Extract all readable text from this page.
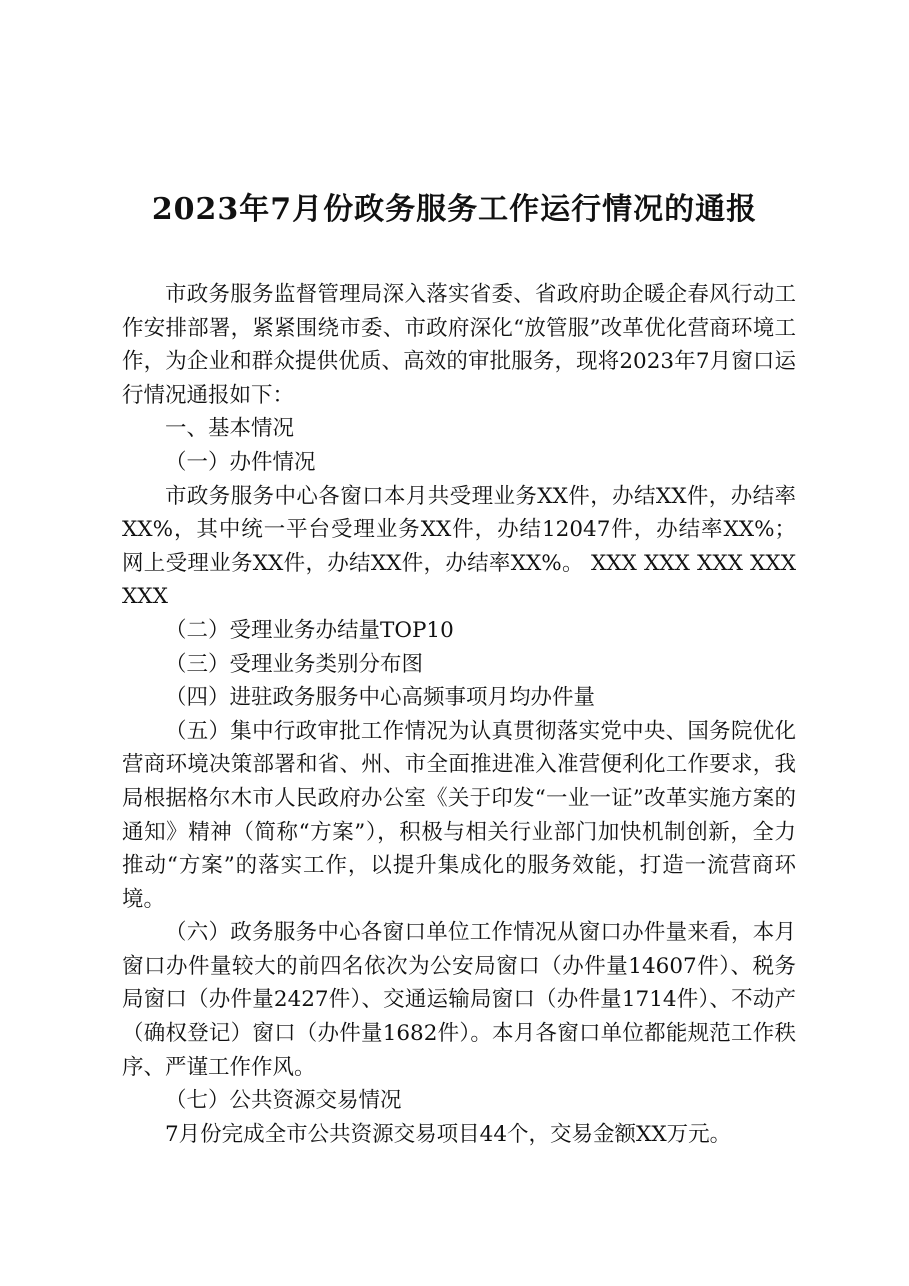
2023年7月份政务服务工作运行情况的通报

市政务服务监督管理局深入落实省委、省政府助企暖企春风行动工作安排部署，紧紧围绕市委、市政府深化“放管服”改革优化营商环境工作，为企业和群众提供优质、高效的审批服务，现将2023年7月窗口运行情况通报如下：

一、基本情况

（一）办件情况

市政务服务中心各窗口本月共受理业务XX件，办结XX件，办结率XX%，其中统一平台受理业务XX件，办结12047件，办结率XX%；网上受理业务XX件，办结XX件，办结率XX%。 XXX XXX XXX XXX XXX

（二）受理业务办结量TOP10

（三）受理业务类别分布图

（四）进驻政务服务中心高频事项月均办件量

（五）集中行政审批工作情况为认真贯彻落实党中央、国务院优化营商环境决策部署和省、州、市全面推进准入准营便利化工作要求，我局根据格尔木市人民政府办公室《关于印发“一业一证”改革实施方案的通知》精神（简称“方案”），积极与相关行业部门加快机制创新，全力推动“方案”的落实工作，以提升集成化的服务效能，打造一流营商环境。

（六）政务服务中心各窗口单位工作情况从窗口办件量来看，本月窗口办件量较大的前四名依次为公安局窗口（办件量14607件）、税务局窗口（办件量2427件）、交通运输局窗口（办件量1714件）、不动产（确权登记）窗口（办件量1682件）。本月各窗口单位都能规范工作秩序、严谨工作作风。

（七）公共资源交易情况

7月份完成全市公共资源交易项目44个，交易金额XX万元。
